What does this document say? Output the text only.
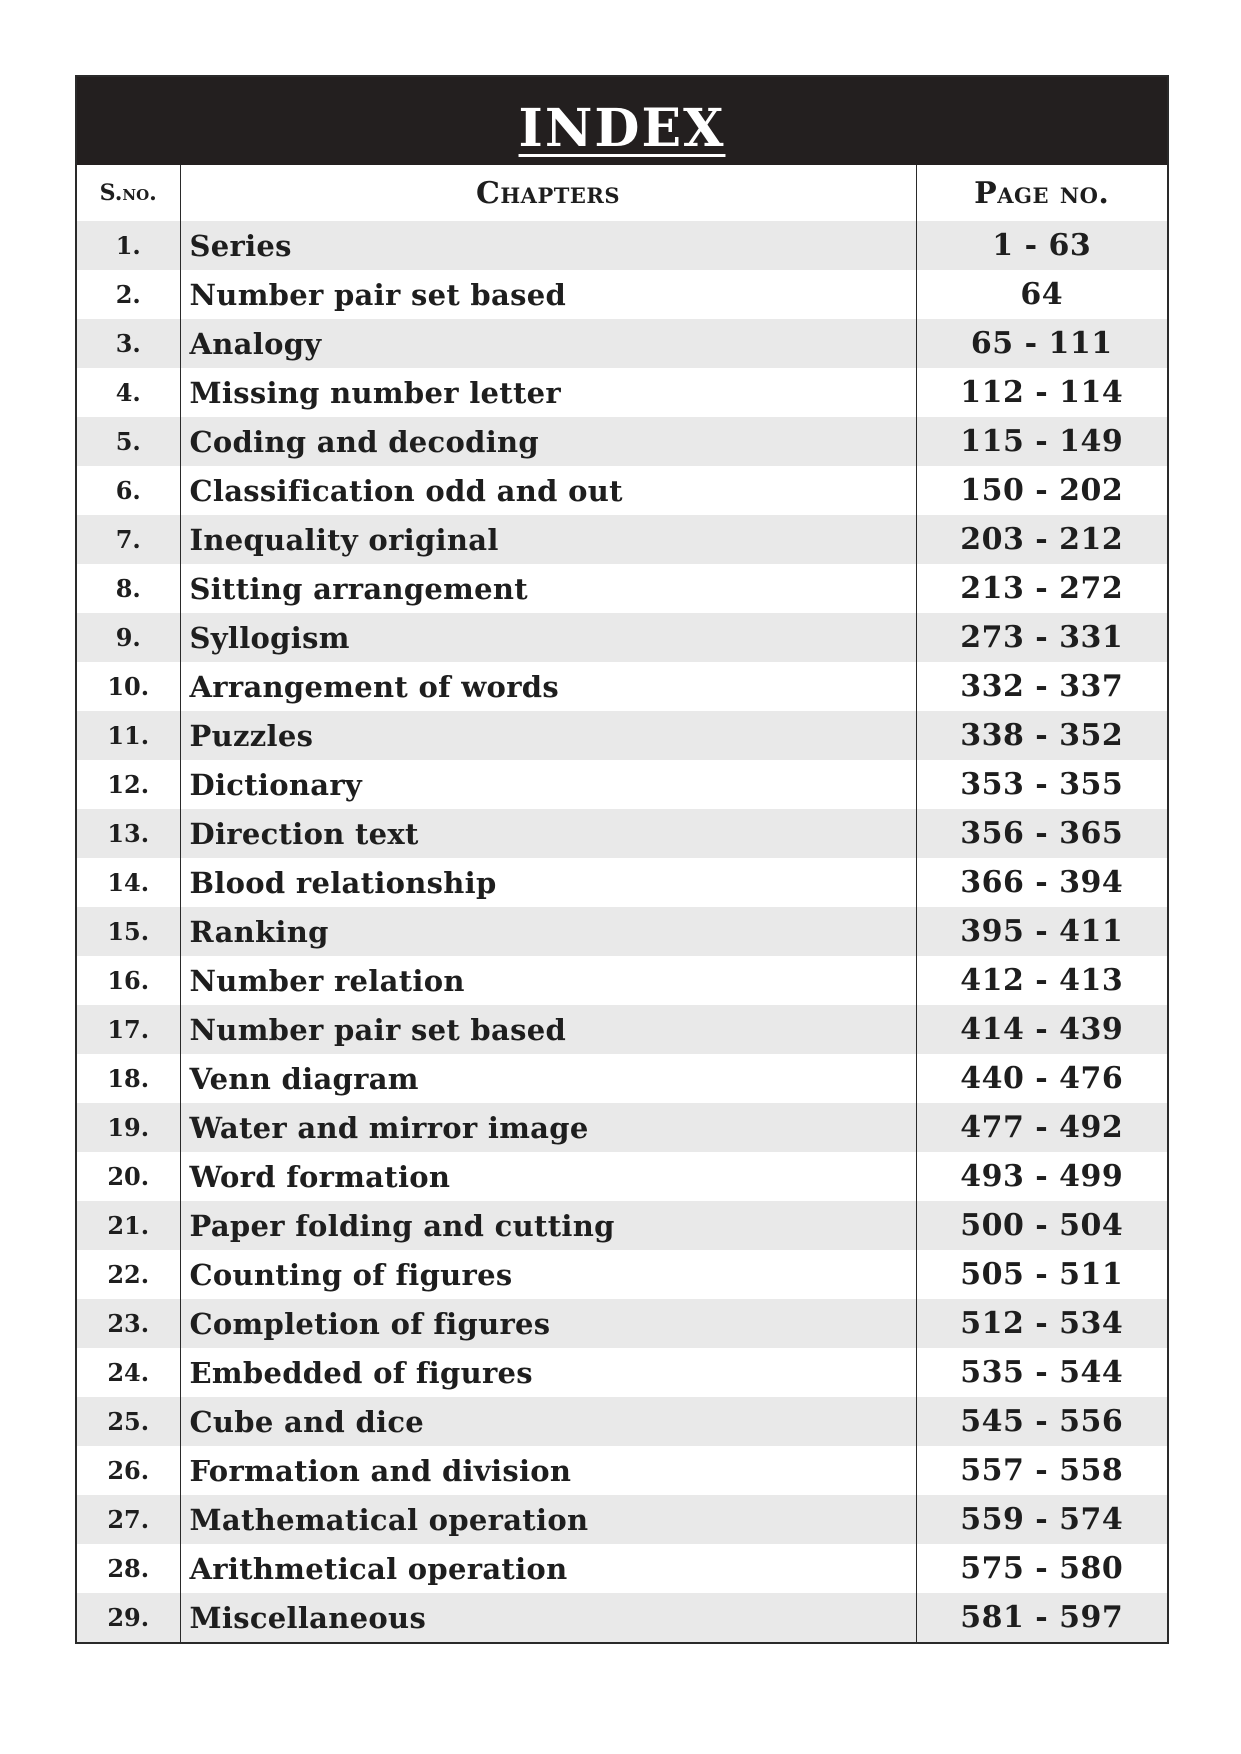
INDEX		
S.no.	Chapters	Page no.
1.	Series	1 - 63
2.	Number pair set based	64
3.	Analogy	65 - 111
4.	Missing number letter	112 - 114
5.	Coding and decoding	115 - 149
6.	Classification odd and out	150 - 202
7.	Inequality original	203 - 212
8.	Sitting arrangement	213 - 272
9.	Syllogism	273 - 331
10.	Arrangement of words	332 - 337
11.	Puzzles	338 - 352
12.	Dictionary	353 - 355
13.	Direction text	356 - 365
14.	Blood relationship	366 - 394
15.	Ranking	395 - 411
16.	Number relation	412 - 413
17.	Number pair set based	414 - 439
18.	Venn diagram	440 - 476
19.	Water and mirror image	477 - 492
20.	Word formation	493 - 499
21.	Paper folding and cutting	500 - 504
22.	Counting of figures	505 - 511
23.	Completion of figures	512 - 534
24.	Embedded of figures	535 - 544
25.	Cube and dice	545 - 556
26.	Formation and division	557 - 558
27.	Mathematical operation	559 - 574
28.	Arithmetical operation	575 - 580
29.	Miscellaneous	581 - 597
